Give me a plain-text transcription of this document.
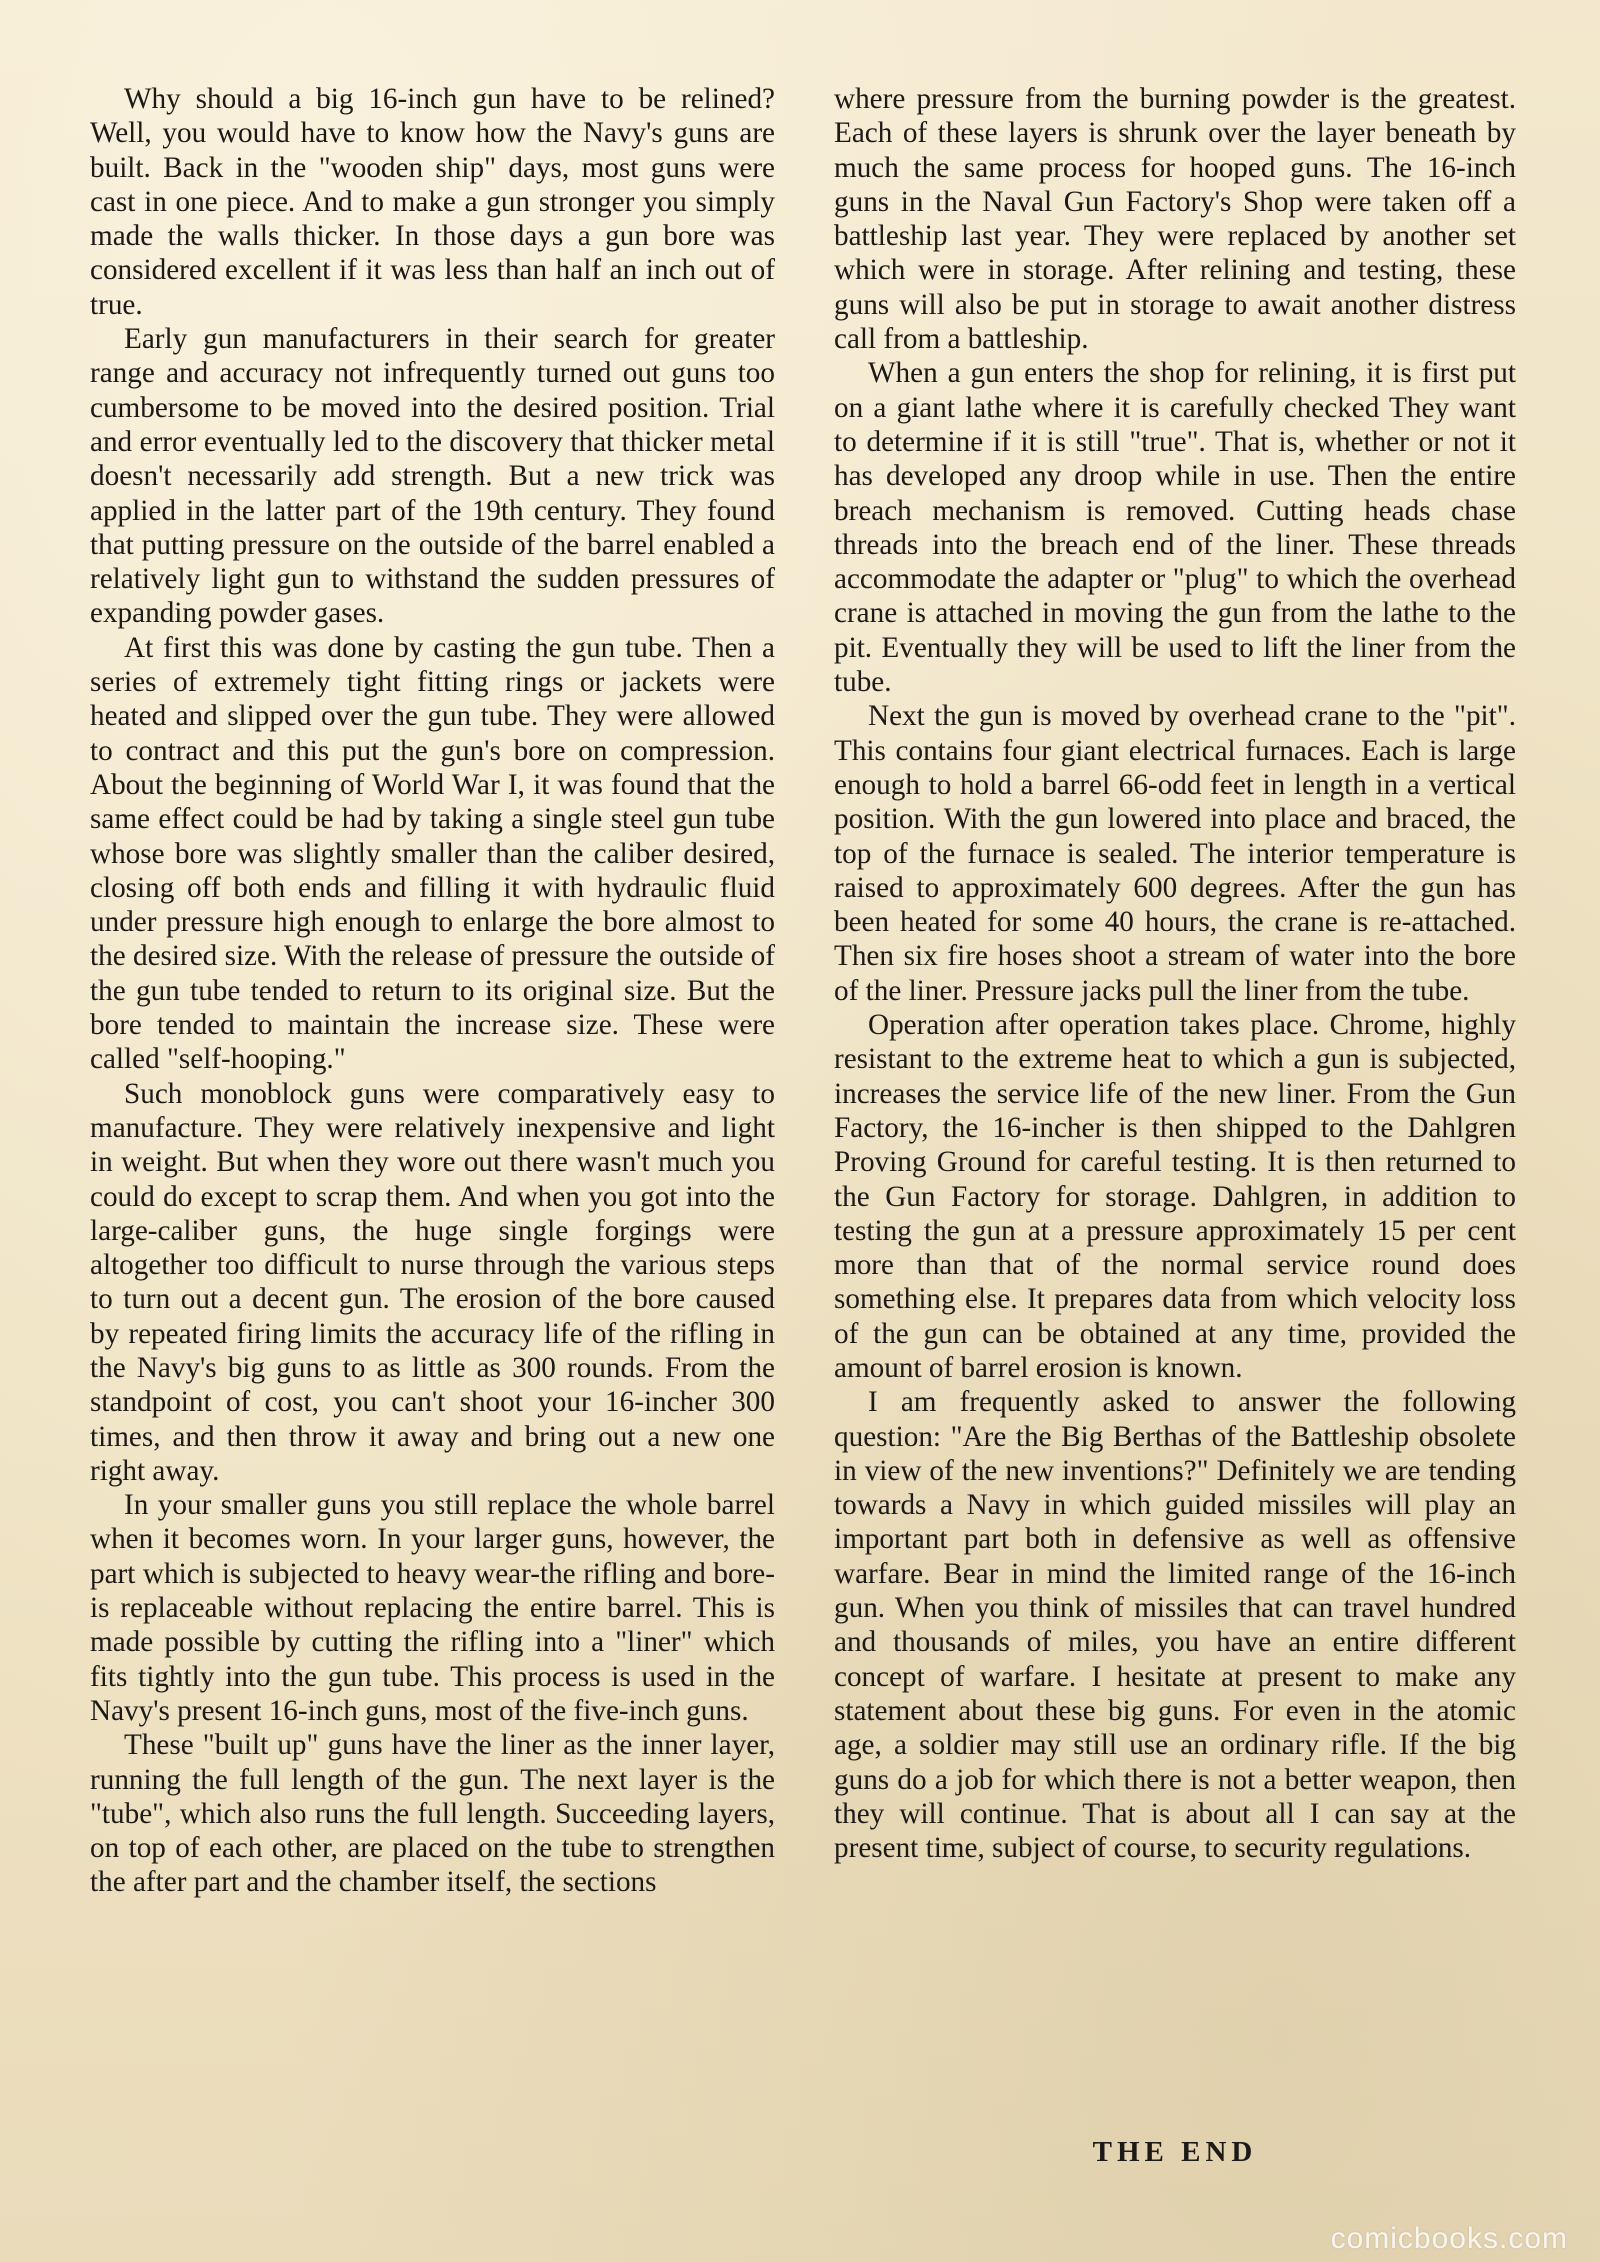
Why should a big 16-inch gun have to be relined? Well, you would have to know how the Navy's guns are built. Back in the "wooden ship" days, most guns were cast in one piece. And to make a gun stronger you simply made the walls thicker. In those days a gun bore was considered excellent if it was less than half an inch out of true.

Early gun manufacturers in their search for greater range and accuracy not infrequently turned out guns too cumbersome to be moved into the desired position. Trial and error eventually led to the discovery that thicker metal doesn't necessarily add strength. But a new trick was applied in the latter part of the 19th century. They found that putting pressure on the outside of the barrel enabled a relatively light gun to withstand the sudden pressures of expanding powder gases.

At first this was done by casting the gun tube. Then a series of extremely tight fitting rings or jackets were heated and slipped over the gun tube. They were allowed to contract and this put the gun's bore on compression. About the beginning of World War I, it was found that the same effect could be had by taking a single steel gun tube whose bore was slightly smaller than the caliber desired, closing off both ends and filling it with hydraulic fluid under pressure high enough to enlarge the bore almost to the desired size. With the release of pressure the outside of the gun tube tended to return to its original size. But the bore tended to maintain the increase size. These were called "self-hooping."

Such monoblock guns were comparatively easy to manufacture. They were relatively inexpensive and light in weight. But when they wore out there wasn't much you could do except to scrap them. And when you got into the large-caliber guns, the huge single forgings were altogether too difficult to nurse through the various steps to turn out a decent gun. The erosion of the bore caused by repeated firing limits the accuracy life of the rifling in the Navy's big guns to as little as 300 rounds. From the standpoint of cost, you can't shoot your 16-incher 300 times, and then throw it away and bring out a new one right away.

In your smaller guns you still replace the whole barrel when it becomes worn. In your larger guns, however, the part which is subjected to heavy wear-the rifling and bore-is replaceable without replacing the entire barrel. This is made possible by cutting the rifling into a "liner" which fits tightly into the gun tube. This process is used in the Navy's present 16-inch guns, most of the five-inch guns.

These "built up" guns have the liner as the inner layer, running the full length of the gun. The next layer is the "tube", which also runs the full length. Succeeding layers, on top of each other, are placed on the tube to strengthen the after part and the chamber itself, the sections

where pressure from the burning powder is the greatest. Each of these layers is shrunk over the layer beneath by much the same process for hooped guns. The 16-inch guns in the Naval Gun Factory's Shop were taken off a battleship last year. They were replaced by another set which were in storage. After relining and testing, these guns will also be put in storage to await another distress call from a battleship.

When a gun enters the shop for relining, it is first put on a giant lathe where it is carefully checked They want to determine if it is still "true". That is, whether or not it has developed any droop while in use. Then the entire breach mechanism is removed. Cutting heads chase threads into the breach end of the liner. These threads accommodate the adapter or "plug" to which the overhead crane is attached in moving the gun from the lathe to the pit. Eventually they will be used to lift the liner from the tube.

Next the gun is moved by overhead crane to the "pit". This contains four giant electrical furnaces. Each is large enough to hold a barrel 66-odd feet in length in a vertical position. With the gun lowered into place and braced, the top of the furnace is sealed. The interior temperature is raised to approximately 600 degrees. After the gun has been heated for some 40 hours, the crane is re-attached. Then six fire hoses shoot a stream of water into the bore of the liner. Pressure jacks pull the liner from the tube.

Operation after operation takes place. Chrome, highly resistant to the extreme heat to which a gun is subjected, increases the service life of the new liner. From the Gun Factory, the 16-incher is then shipped to the Dahlgren Proving Ground for careful testing. It is then returned to the Gun Factory for storage. Dahlgren, in addition to testing the gun at a pressure approximately 15 per cent more than that of the normal service round does something else. It prepares data from which velocity loss of the gun can be obtained at any time, provided the amount of barrel erosion is known.

I am frequently asked to answer the following question: "Are the Big Berthas of the Battleship obsolete in view of the new inventions?" Definitely we are tending towards a Navy in which guided missiles will play an important part both in defensive as well as offensive warfare. Bear in mind the limited range of the 16-inch gun. When you think of missiles that can travel hundred and thousands of miles, you have an entire different concept of warfare. I hesitate at present to make any statement about these big guns. For even in the atomic age, a soldier may still use an ordinary rifle. If the big guns do a job for which there is not a better weapon, then they will continue. That is about all I can say at the present time, subject of course, to security regulations.

THE END
comicbooks.com
